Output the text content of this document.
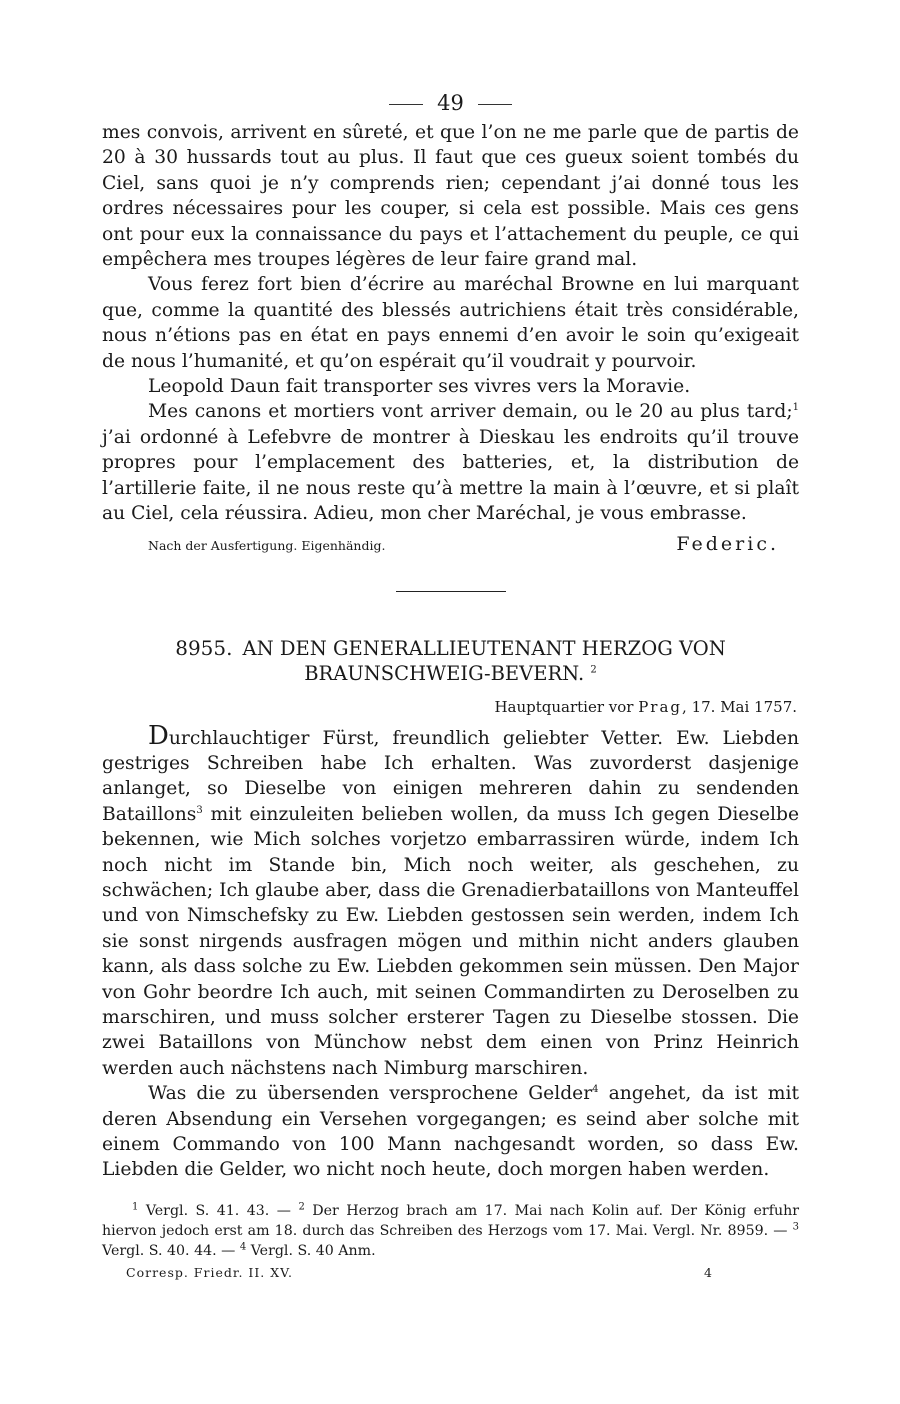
49

mes convois, arrivent en sûreté, et que l’on ne me parle que de partis de 20 à 30 hussards tout au plus. Il faut que ces gueux soient tombés du Ciel, sans quoi je n’y comprends rien; cependant j’ai donné tous les ordres nécessaires pour les couper, si cela est possible. Mais ces gens ont pour eux la connaissance du pays et l’attachement du peuple, ce qui empêchera mes troupes légères de leur faire grand mal.

Vous ferez fort bien d’écrire au maréchal Browne en lui marquant que, comme la quantité des blessés autrichiens était très considérable, nous n’étions pas en état en pays ennemi d’en avoir le soin qu’exigeait de nous l’humanité, et qu’on espérait qu’il voudrait y pourvoir.

Leopold Daun fait transporter ses vivres vers la Moravie.

Mes canons et mortiers vont arriver demain, ou le 20 au plus tard;$^1$ j’ai ordonné à Lefebvre de montrer à Dieskau les endroits qu’il trouve propres pour l’emplacement des batteries, et, la distribution de l’artillerie faite, il ne nous reste qu’à mettre la main à l’œuvre, et si plaît au Ciel, cela réussira. Adieu, mon cher Maréchal, je vous embrasse.

Nach der Ausfertigung. Eigenhändig.	Federic.
8955. AN DEN GENERALLIEUTENANT HERZOG VON BRAUNSCHWEIG-BEVERN. $^2$
Hauptquartier vor Prag, 17. Mai 1757.

Durchlauchtiger Fürst, freundlich geliebter Vetter. Ew. Liebden gestriges Schreiben habe Ich erhalten. Was zuvorderst dasjenige anlanget, so Dieselbe von einigen mehreren dahin zu sendenden Bataillons$^3$ mit einzuleiten belieben wollen, da muss Ich gegen Dieselbe bekennen, wie Mich solches vorjetzo embarrassiren würde, indem Ich noch nicht im Stande bin, Mich noch weiter, als geschehen, zu schwächen; Ich glaube aber, dass die Grenadierbataillons von Manteuffel und von Nimschefsky zu Ew. Liebden gestossen sein werden, indem Ich sie sonst nirgends ausfragen mögen und mithin nicht anders glauben kann, als dass solche zu Ew. Liebden gekommen sein müssen. Den Major von Gohr beordre Ich auch, mit seinen Commandirten zu Deroselben zu marschiren, und muss solcher ersterer Tagen zu Dieselbe stossen. Die zwei Bataillons von Münchow nebst dem einen von Prinz Heinrich werden auch nächstens nach Nimburg marschiren.

Was die zu übersenden versprochene Gelder$^4$ angehet, da ist mit deren Absendung ein Versehen vorgegangen; es seind aber solche mit einem Commando von 100 Mann nachgesandt worden, so dass Ew. Liebden die Gelder, wo nicht noch heute, doch morgen haben werden.

$^1$ Vergl. S. 41. 43. — $^2$ Der Herzog brach am 17. Mai nach Kolin auf. Der König erfuhr hiervon jedoch erst am 18. durch das Schreiben des Herzogs vom 17. Mai. Vergl. Nr. 8959. — $^3$ Vergl. S. 40. 44. — $^4$ Vergl. S. 40 Anm.

Corresp. Friedr. II. XV.	4
